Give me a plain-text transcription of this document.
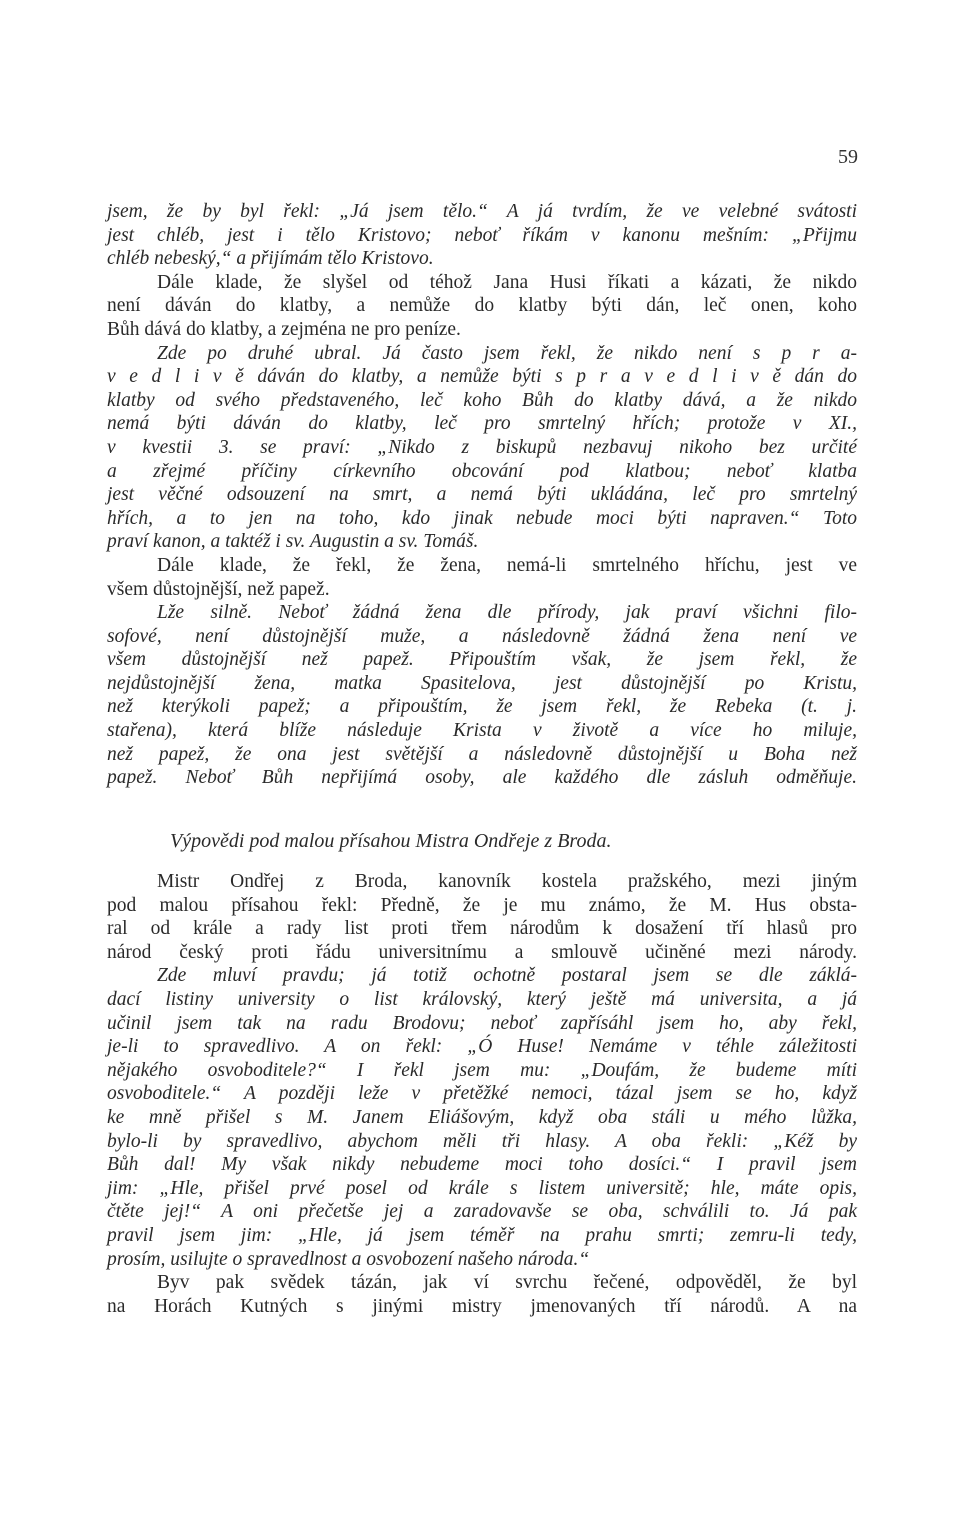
59
jsem, že by byl řekl: „Já jsem tělo.“ A já tvrdím, že ve velebné svátosti
jest chléb, jest i tělo Kristovo; neboť říkám v kanonu mešním: „Přijmu
chléb nebeský,“ a přijímám tělo Kristovo.
Dále klade, že slyšel od téhož Jana Husi říkati a kázati, že nikdo
není dáván do klatby, a nemůže do klatby býti dán, leč onen, koho
Bůh dává do klatby, a zejména ne pro peníze.
Zde po druhé ubral. Já často jsem řekl, že nikdo není s p r a-
v e d l i v ě dáván do klatby, a nemůže býti s p r a v e d l i v ě dán do
klatby od svého představeného, leč koho Bůh do klatby dává, a že nikdo
nemá býti dáván do klatby, leč pro smrtelný hřích; protože v XI.,
v kvestii 3. se praví: „Nikdo z biskupů nezbavuj nikoho bez určité
a zřejmé příčiny církevního obcování pod klatbou; neboť klatba
jest věčné odsouzení na smrt, a nemá býti ukládána, leč pro smrtelný
hřích, a to jen na toho, kdo jinak nebude moci býti napraven.“ Toto
praví kanon, a taktéž i sv. Augustin a sv. Tomáš.
Dále klade, že řekl, že žena, nemá-li smrtelného hříchu, jest ve
všem důstojnější, než papež.
Lže silně. Neboť žádná žena dle přírody, jak praví všichni filo-
sofové, není důstojnější muže, a následovně žádná žena není ve
všem důstojnější než papež. Připouštím však, že jsem řekl, že
nejdůstojnější žena, matka Spasitelova, jest důstojnější po Kristu,
než kterýkoli papež; a připouštím, že jsem řekl, že Rebeka (t. j.
stařena), která blíže následuje Krista v životě a více ho miluje,
než papež, že ona jest světější a následovně důstojnější u Boha než
papež. Neboť Bůh nepřijímá osoby, ale každého dle zásluh odměňuje.
Výpovědi pod malou přísahou Mistra Ondřeje z Broda.
Mistr Ondřej z Broda, kanovník kostela pražského, mezi jiným
pod malou přísahou řekl: Předně, že je mu známo, že M. Hus obsta-
ral od krále a rady list proti třem národům k dosažení tří hlasů pro
národ český proti řádu universitnímu a smlouvě učiněné mezi národy.
Zde mluví pravdu; já totiž ochotně postaral jsem se dle záklá-
dací listiny university o list královský, který ještě má universita, a já
učinil jsem tak na radu Brodovu; neboť zapřísáhl jsem ho, aby řekl,
je-li to spravedlivo. A on řekl: „Ó Huse! Nemáme v téhle záležitosti
nějakého osvoboditele?“ I řekl jsem mu: „Doufám, že budeme míti
osvoboditele.“ A později leže v přetěžké nemoci, tázal jsem se ho, když
ke mně přišel s M. Janem Eliášovým, když oba stáli u mého lůžka,
bylo-li by spravedlivo, abychom měli tři hlasy. A oba řekli: „Kéž by
Bůh dal! My však nikdy nebudeme moci toho dosíci.“ I pravil jsem
jim: „Hle, přišel prvé posel od krále s listem universitě; hle, máte opis,
čtěte jej!“ A oni přečetše jej a zaradovavše se oba, schválili to. Já pak
pravil jsem jim: „Hle, já jsem téměř na prahu smrti; zemru-li tedy,
prosím, usilujte o spravedlnost a osvobození našeho národa.“
Byv pak svědek tázán, jak ví svrchu řečené, odpověděl, že byl
na Horách Kutných s jinými mistry jmenovaných tří národů. A na
